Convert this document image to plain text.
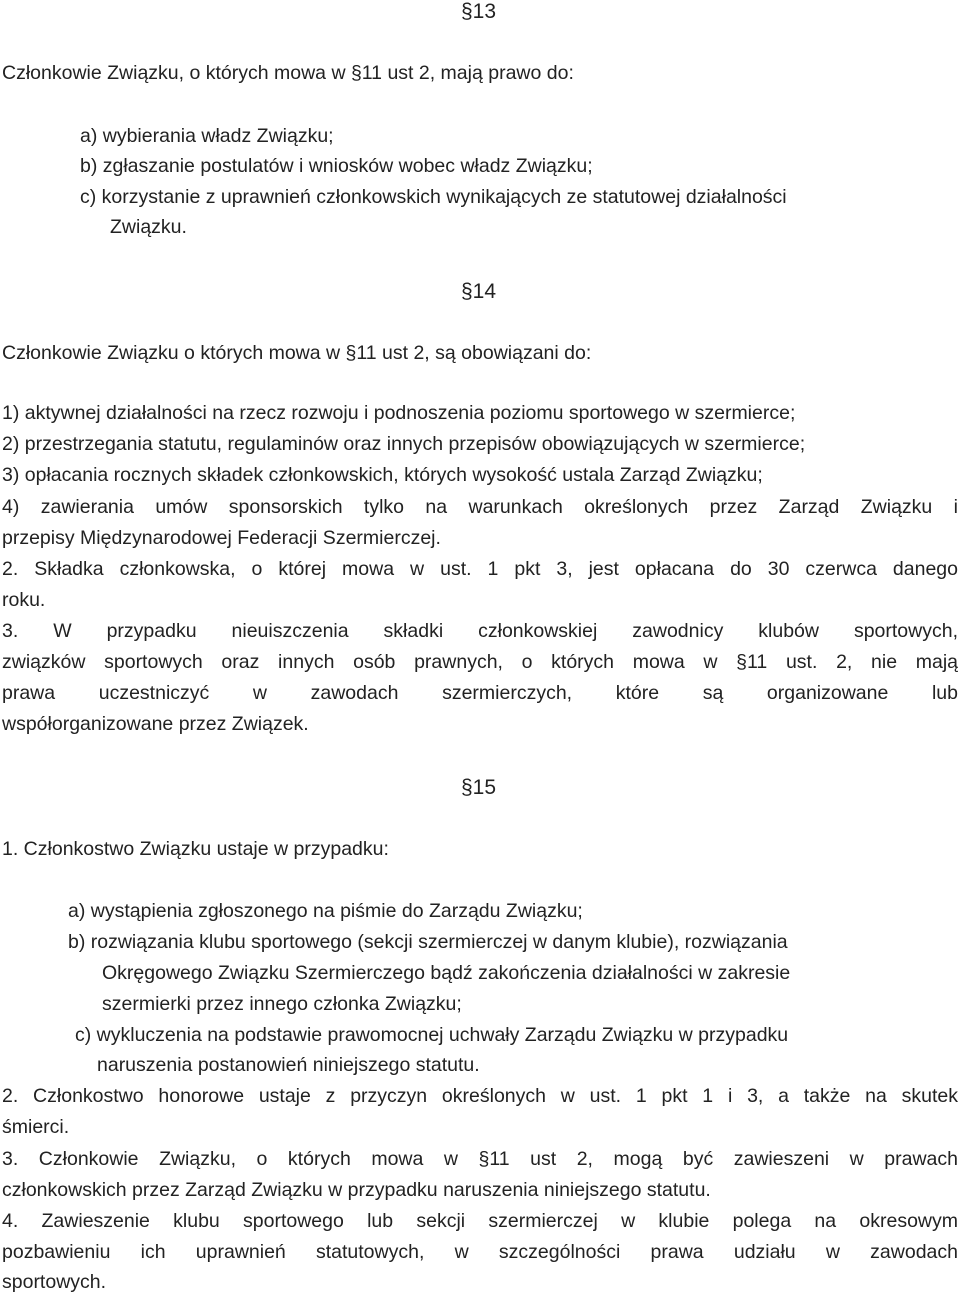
§13
Członkowie Związku, o których mowa w §11 ust 2, mają prawo do:
a) wybierania władz Związku;
b) zgłaszanie postulatów i wniosków wobec władz Związku;
c) korzystanie z uprawnień członkowskich wynikających ze statutowej działalności
Związku.
§14
Członkowie Związku o których mowa w §11 ust 2, są obowiązani do:
1) aktywnej działalności na rzecz rozwoju i podnoszenia poziomu sportowego w szermierce;
2) przestrzegania statutu, regulaminów oraz innych przepisów obowiązujących w szermierce;
3) opłacania rocznych składek członkowskich, których wysokość ustala Zarząd Związku;
4) zawierania umów sponsorskich tylko na warunkach określonych przez Zarząd Związku i
przepisy Międzynarodowej Federacji Szermierczej.
2. Składka członkowska, o której mowa w ust. 1 pkt 3, jest opłacana do 30 czerwca danego
roku.
3. W przypadku nieuiszczenia składki członkowskiej zawodnicy klubów sportowych,
związków sportowych oraz innych osób prawnych, o których mowa w §11 ust. 2, nie mają
prawa uczestniczyć w zawodach szermierczych, które są organizowane lub
współorganizowane przez Związek.
§15
1. Członkostwo Związku ustaje w przypadku:
a) wystąpienia zgłoszonego na piśmie do Zarządu Związku;
b) rozwiązania klubu sportowego (sekcji szermierczej w danym klubie), rozwiązania
Okręgowego Związku Szermierczego bądź zakończenia działalności w zakresie
szermierki przez innego członka Związku;
c) wykluczenia na podstawie prawomocnej uchwały Zarządu Związku w przypadku
naruszenia postanowień niniejszego statutu.
2. Członkostwo honorowe ustaje z przyczyn określonych w ust. 1 pkt 1 i 3, a także na skutek
śmierci.
3. Członkowie Związku, o których mowa w §11 ust 2, mogą być zawieszeni w prawach
członkowskich przez Zarząd Związku w przypadku naruszenia niniejszego statutu.
4. Zawieszenie klubu sportowego lub sekcji szermierczej w klubie polega na okresowym
pozbawieniu ich uprawnień statutowych, w szczególności prawa udziału w zawodach
sportowych.
